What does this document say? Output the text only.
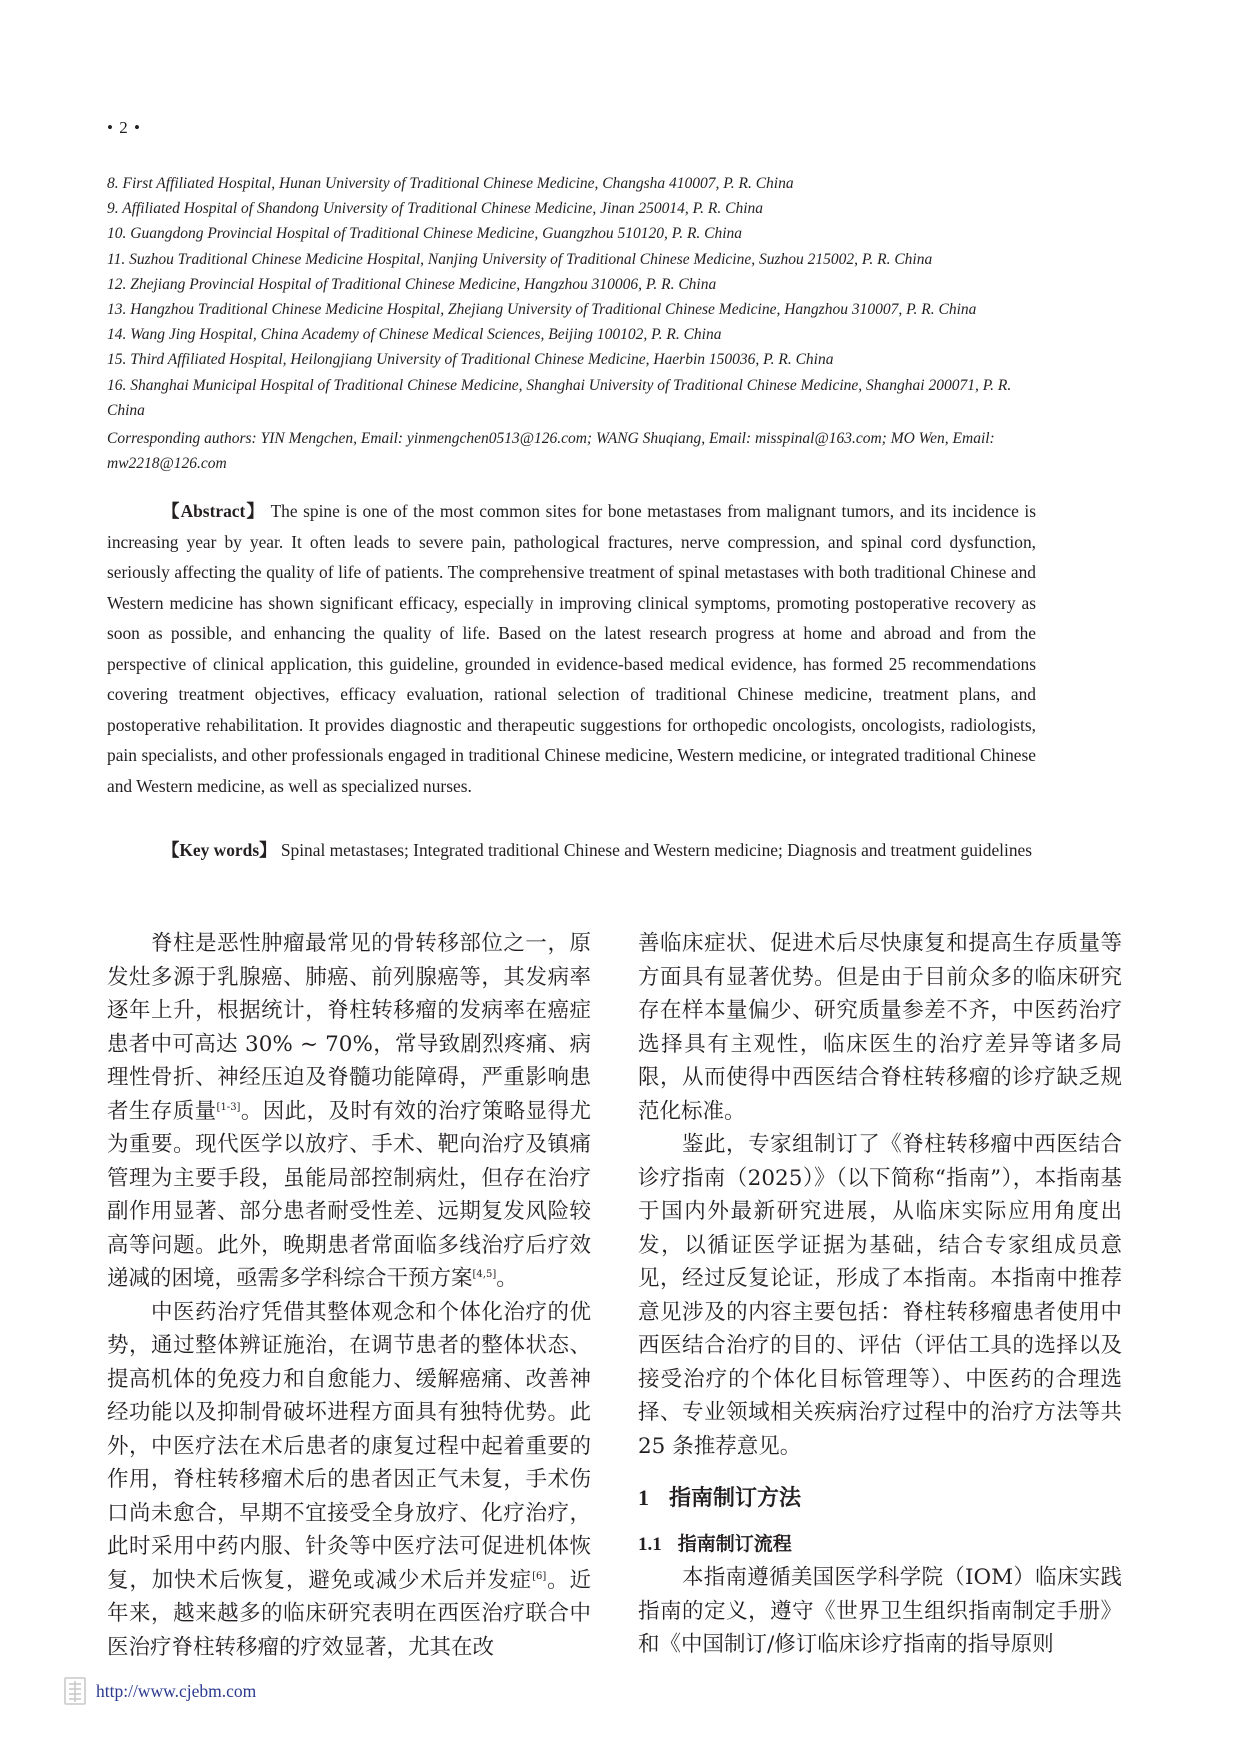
• 2 •
8. First Affiliated Hospital, Hunan University of Traditional Chinese Medicine, Changsha 410007, P. R. China
9. Affiliated Hospital of Shandong University of Traditional Chinese Medicine, Jinan 250014, P. R. China
10. Guangdong Provincial Hospital of Traditional Chinese Medicine, Guangzhou 510120, P. R. China
11. Suzhou Traditional Chinese Medicine Hospital, Nanjing University of Traditional Chinese Medicine, Suzhou 215002, P. R. China
12. Zhejiang Provincial Hospital of Traditional Chinese Medicine, Hangzhou 310006, P. R. China
13. Hangzhou Traditional Chinese Medicine Hospital, Zhejiang University of Traditional Chinese Medicine, Hangzhou 310007, P. R. China
14. Wang Jing Hospital, China Academy of Chinese Medical Sciences, Beijing 100102, P. R. China
15. Third Affiliated Hospital, Heilongjiang University of Traditional Chinese Medicine, Haerbin 150036, P. R. China
16. Shanghai Municipal Hospital of Traditional Chinese Medicine, Shanghai University of Traditional Chinese Medicine, Shanghai 200071, P. R. China
Corresponding authors: YIN Mengchen, Email: yinmengchen0513@126.com; WANG Shuqiang, Email: misspinal@163.com; MO Wen, Email: mw2218@126.com
【Abstract】 The spine is one of the most common sites for bone metastases from malignant tumors, and its incidence is increasing year by year. It often leads to severe pain, pathological fractures, nerve compression, and spinal cord dysfunction, seriously affecting the quality of life of patients. The comprehensive treatment of spinal metastases with both traditional Chinese and Western medicine has shown significant efficacy, especially in improving clinical symptoms, promoting postoperative recovery as soon as possible, and enhancing the quality of life. Based on the latest research progress at home and abroad and from the perspective of clinical application, this guideline, grounded in evidence-based medical evidence, has formed 25 recommendations covering treatment objectives, efficacy evaluation, rational selection of traditional Chinese medicine, treatment plans, and postoperative rehabilitation. It provides diagnostic and therapeutic suggestions for orthopedic oncologists, oncologists, radiologists, pain specialists, and other professionals engaged in traditional Chinese medicine, Western medicine, or integrated traditional Chinese and Western medicine, as well as specialized nurses.
【Key words】 Spinal metastases; Integrated traditional Chinese and Western medicine; Diagnosis and treatment guidelines

脊柱是恶性肿瘤最常见的骨转移部位之一，原发灶多源于乳腺癌、肺癌、前列腺癌等，其发病率逐年上升，根据统计，脊柱转移瘤的发病率在癌症患者中可高达 30% ~ 70%，常导致剧烈疼痛、病理性骨折、神经压迫及脊髓功能障碍，严重影响患者生存质量[1-3]。因此，及时有效的治疗策略显得尤为重要。现代医学以放疗、手术、靶向治疗及镇痛管理为主要手段，虽能局部控制病灶，但存在治疗副作用显著、部分患者耐受性差、远期复发风险较高等问题。此外，晚期患者常面临多线治疗后疗效递减的困境，亟需多学科综合干预方案[4,5]。

中医药治疗凭借其整体观念和个体化治疗的优势，通过整体辨证施治，在调节患者的整体状态、提高机体的免疫力和自愈能力、缓解癌痛、改善神经功能以及抑制骨破坏进程方面具有独特优势。此外，中医疗法在术后患者的康复过程中起着重要的作用，脊柱转移瘤术后的患者因正气未复，手术伤口尚未愈合，早期不宜接受全身放疗、化疗治疗，此时采用中药内服、针灸等中医疗法可促进机体恢复，加快术后恢复，避免或减少术后并发症[6]。近年来，越来越多的临床研究表明在西医治疗联合中医治疗脊柱转移瘤的疗效显著，尤其在改

善临床症状、促进术后尽快康复和提高生存质量等方面具有显著优势。但是由于目前众多的临床研究存在样本量偏少、研究质量参差不齐，中医药治疗选择具有主观性，临床医生的治疗差异等诸多局限，从而使得中西医结合脊柱转移瘤的诊疗缺乏规范化标准。

鉴此，专家组制订了《脊柱转移瘤中西医结合诊疗指南（2025）》（以下简称“指南”），本指南基于国内外最新研究进展，从临床实际应用角度出发，以循证医学证据为基础，结合专家组成员意见，经过反复论证，形成了本指南。本指南中推荐意见涉及的内容主要包括：脊柱转移瘤患者使用中西医结合治疗的目的、评估（评估工具的选择以及接受治疗的个体化目标管理等）、中医药的合理选择、专业领域相关疾病治疗过程中的治疗方法等共 25 条推荐意见。

1 指南制订方法
1.1 指南制订流程

本指南遵循美国医学科学院（IOM）临床实践指南的定义，遵守《世界卫生组织指南制定手册》和《中国制订/修订临床诊疗指南的指导原则

http://www.cjebm.com
